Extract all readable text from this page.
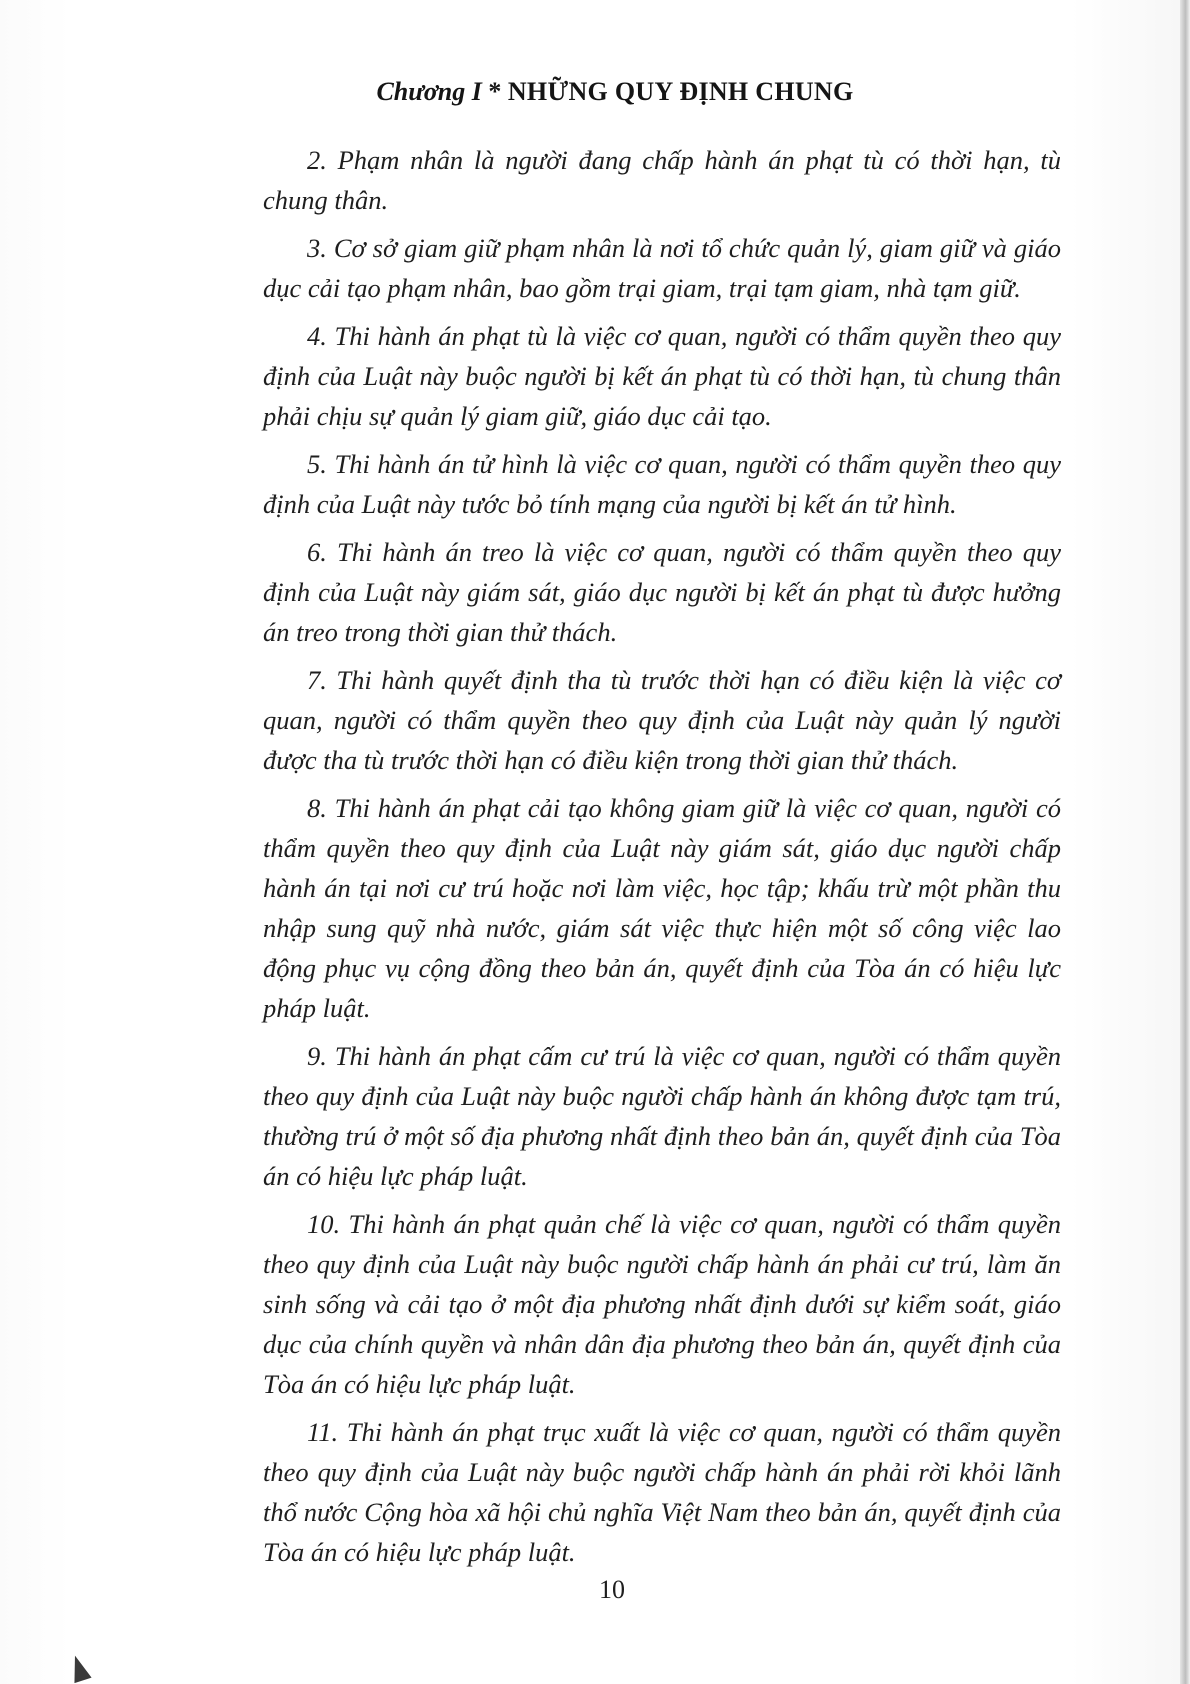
Chương I * NHỮNG QUY ĐỊNH CHUNG

2. Phạm nhân là người đang chấp hành án phạt tù có thời hạn, tù chung thân.

3. Cơ sở giam giữ phạm nhân là nơi tổ chức quản lý, giam giữ và giáo dục cải tạo phạm nhân, bao gồm trại giam, trại tạm giam, nhà tạm giữ.

4. Thi hành án phạt tù là việc cơ quan, người có thẩm quyền theo quy định của Luật này buộc người bị kết án phạt tù có thời hạn, tù chung thân phải chịu sự quản lý giam giữ, giáo dục cải tạo.

5. Thi hành án tử hình là việc cơ quan, người có thẩm quyền theo quy định của Luật này tước bỏ tính mạng của người bị kết án tử hình.

6. Thi hành án treo là việc cơ quan, người có thẩm quyền theo quy định của Luật này giám sát, giáo dục người bị kết án phạt tù được hưởng án treo trong thời gian thử thách.

7. Thi hành quyết định tha tù trước thời hạn có điều kiện là việc cơ quan, người có thẩm quyền theo quy định của Luật này quản lý người được tha tù trước thời hạn có điều kiện trong thời gian thử thách.

8. Thi hành án phạt cải tạo không giam giữ là việc cơ quan, người có thẩm quyền theo quy định của Luật này giám sát, giáo dục người chấp hành án tại nơi cư trú hoặc nơi làm việc, học tập; khấu trừ một phần thu nhập sung quỹ nhà nước, giám sát việc thực hiện một số công việc lao động phục vụ cộng đồng theo bản án, quyết định của Tòa án có hiệu lực pháp luật.

9. Thi hành án phạt cấm cư trú là việc cơ quan, người có thẩm quyền theo quy định của Luật này buộc người chấp hành án không được tạm trú, thường trú ở một số địa phương nhất định theo bản án, quyết định của Tòa án có hiệu lực pháp luật.

10. Thi hành án phạt quản chế là việc cơ quan, người có thẩm quyền theo quy định của Luật này buộc người chấp hành án phải cư trú, làm ăn sinh sống và cải tạo ở một địa phương nhất định dưới sự kiểm soát, giáo dục của chính quyền và nhân dân địa phương theo bản án, quyết định của Tòa án có hiệu lực pháp luật.

11. Thi hành án phạt trục xuất là việc cơ quan, người có thẩm quyền theo quy định của Luật này buộc người chấp hành án phải rời khỏi lãnh thổ nước Cộng hòa xã hội chủ nghĩa Việt Nam theo bản án, quyết định của Tòa án có hiệu lực pháp luật.

10
